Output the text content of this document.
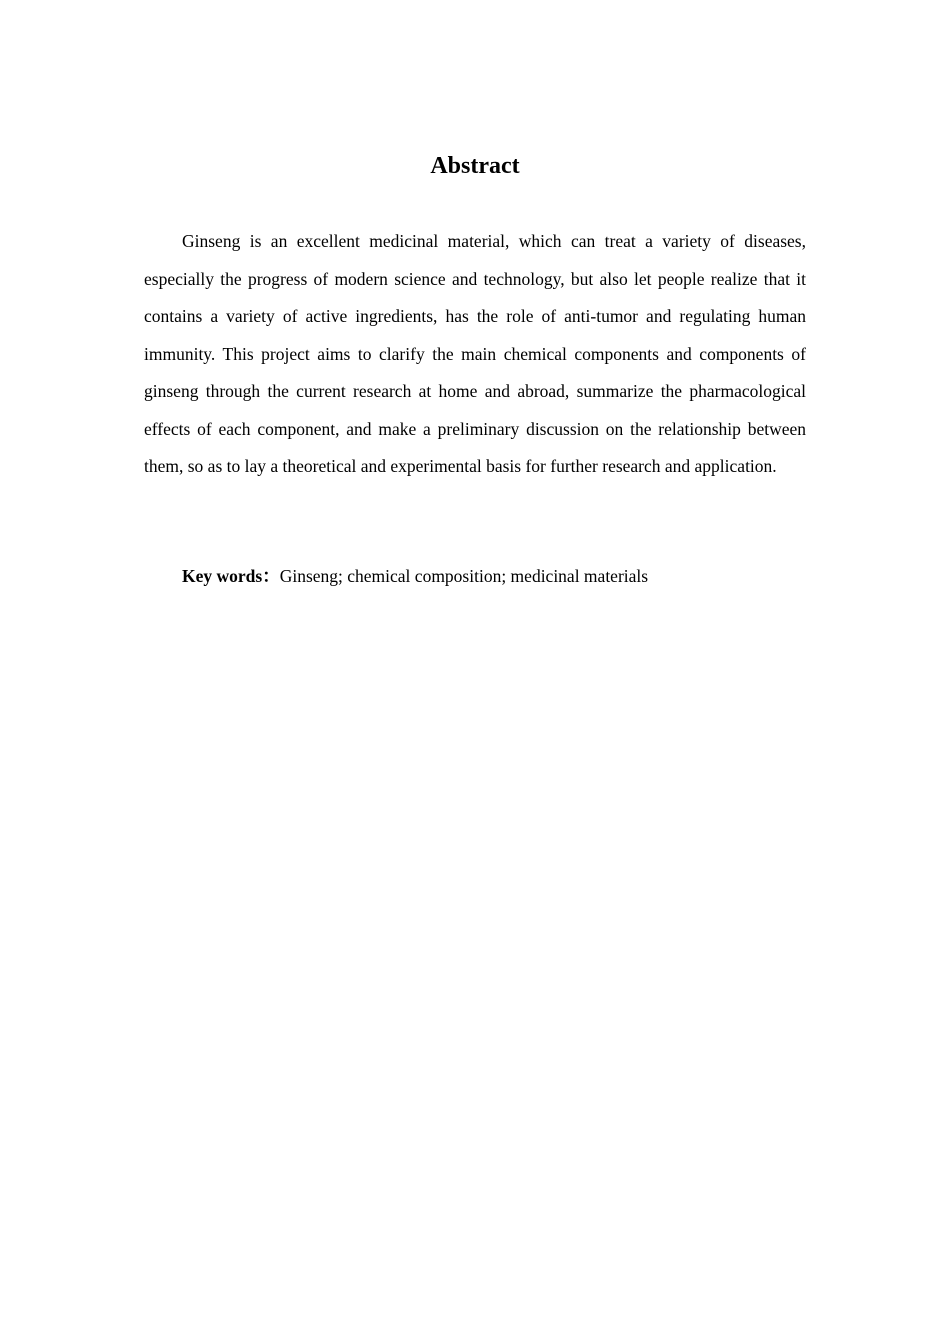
Abstract

Ginseng is an excellent medicinal material, which can treat a variety of diseases, especially the progress of modern science and technology, but also let people realize that it contains a variety of active ingredients, has the role of anti-tumor and regulating human immunity. This project aims to clarify the main chemical components and components of ginseng through the current research at home and abroad, summarize the pharmacological effects of each component, and make a preliminary discussion on the relationship between them, so as to lay a theoretical and experimental basis for further research and application.

Key words：Ginseng; chemical composition; medicinal materials
